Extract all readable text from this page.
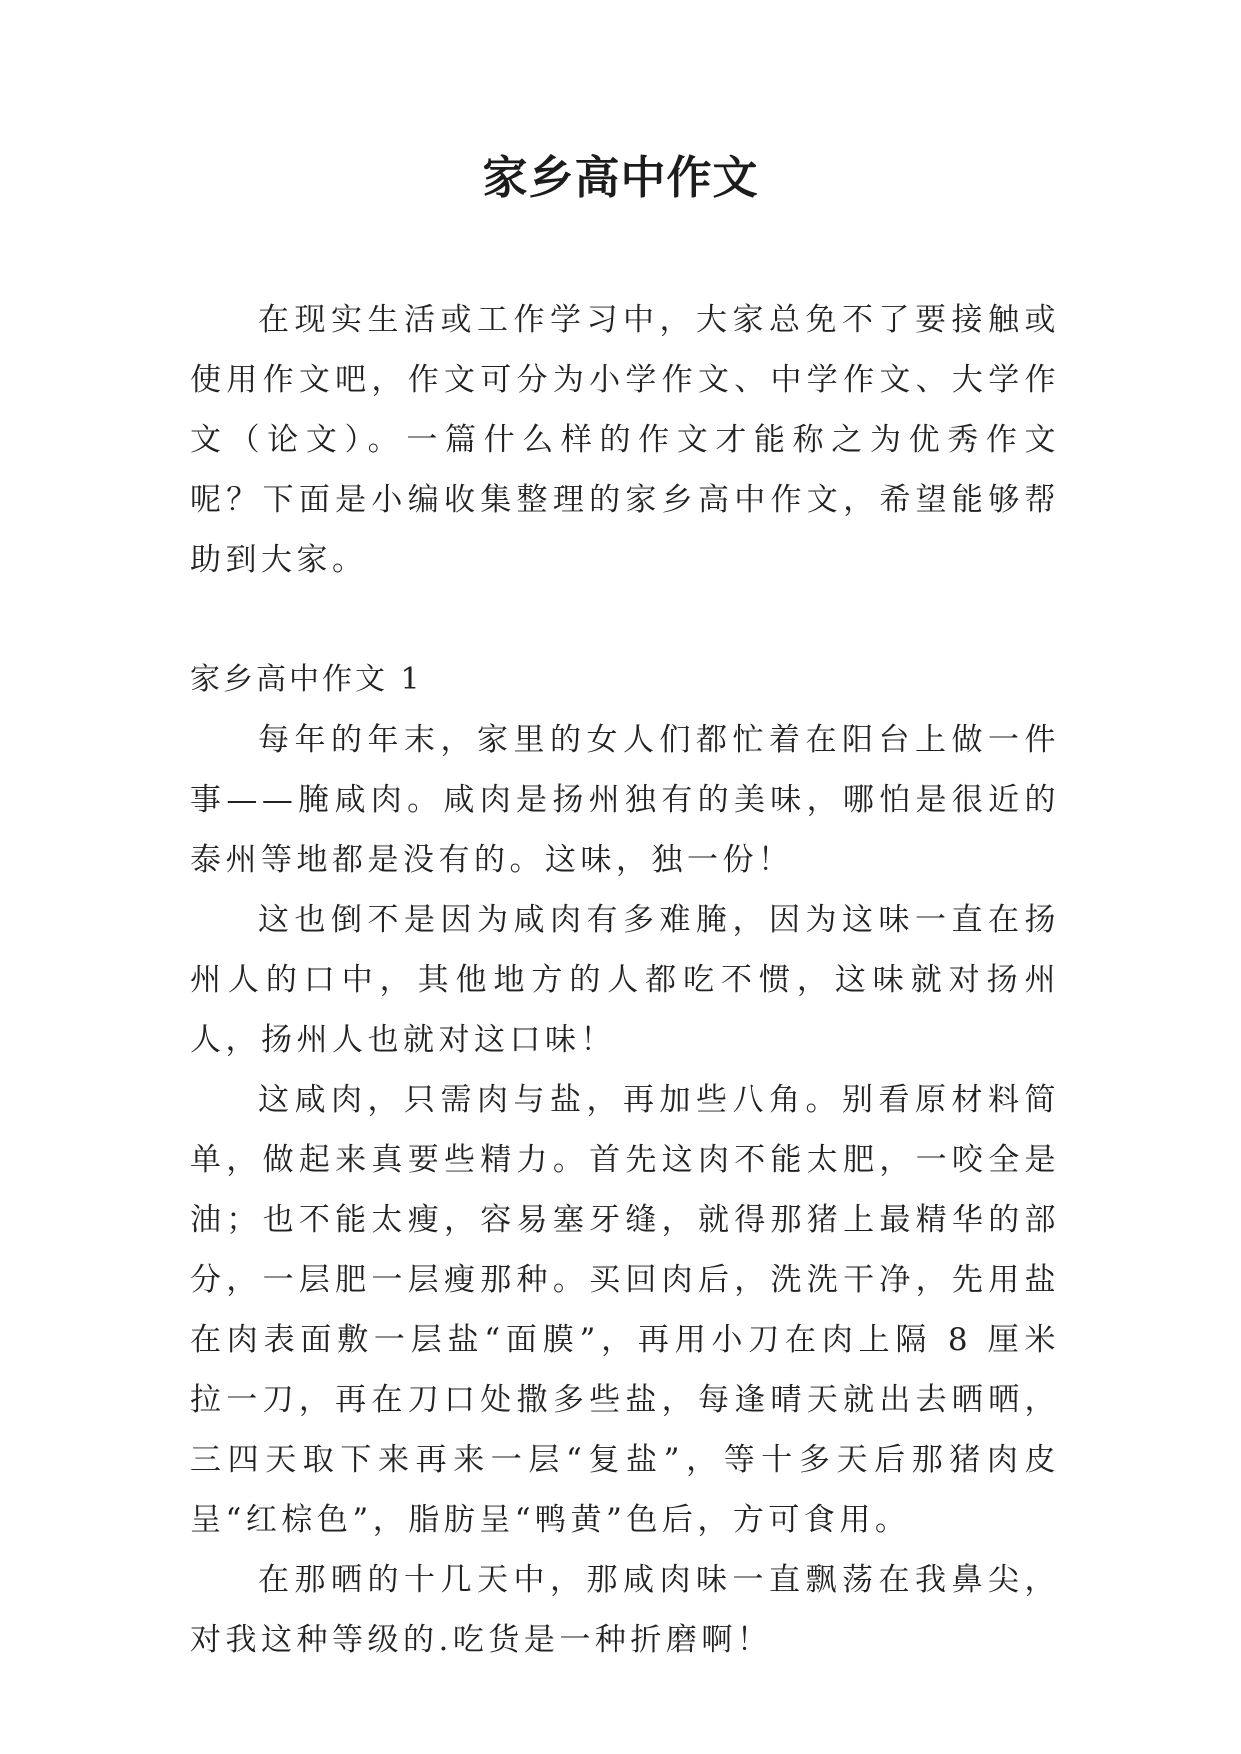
家乡高中作文

在现实生活或工作学习中，大家总免不了要接触或使用作文吧，作文可分为小学作文、中学作文、大学作文（论文）。一篇什么样的作文才能称之为优秀作文呢？下面是小编收集整理的家乡高中作文，希望能够帮助到大家。

家乡高中作文 1

每年的年末，家里的女人们都忙着在阳台上做一件事——腌咸肉。咸肉是扬州独有的美味，哪怕是很近的泰州等地都是没有的。这味，独一份！

这也倒不是因为咸肉有多难腌，因为这味一直在扬州人的口中，其他地方的人都吃不惯，这味就对扬州人，扬州人也就对这口味！

这咸肉，只需肉与盐，再加些八角。别看原材料简单，做起来真要些精力。首先这肉不能太肥，一咬全是油；也不能太瘦，容易塞牙缝，就得那猪上最精华的部分，一层肥一层瘦那种。买回肉后，洗洗干净，先用盐在肉表面敷一层盐“面膜”，再用小刀在肉上隔 8 厘米拉一刀，再在刀口处撒多些盐，每逢晴天就出去晒晒，三四天取下来再来一层“复盐”，等十多天后那猪肉皮呈“红棕色”，脂肪呈“鸭黄”色后，方可食用。

在那晒的十几天中，那咸肉味一直飘荡在我鼻尖，对我这种等级的.吃货是一种折磨啊！
